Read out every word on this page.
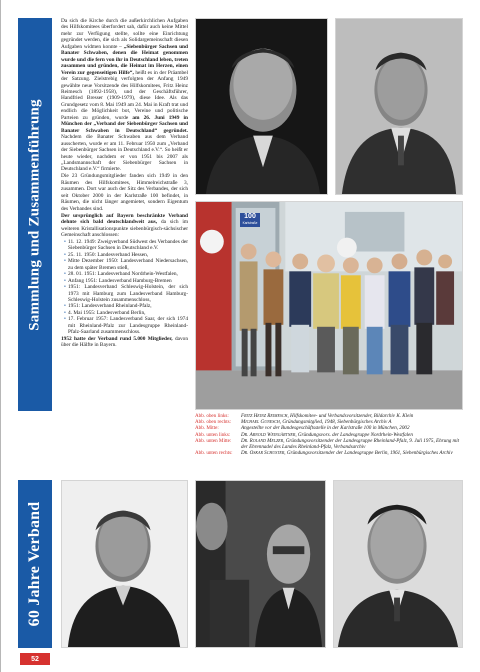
Sammlung und Zusammenführung
60 Jahre Verband
52

Da sich die Kirche durch die außerkirchlichen Aufgaben des Hilfskomitees überfordert sah, dafür auch keine Mittel mehr zur Verfügung stellte, sollte eine Einrichtung gegründet werden, die sich als Solidargemeinschaft diesen Aufgaben widmen konnte – „Siebenbürger Sachsen und Banater Schwaben, denen die Heimat genommen wurde und die fern von ihr in Deutschland leben, treten zusammen und gründen, die Heimat im Herzen, einen Verein zur gegenseitigen Hilfe“, heißt es in der Präambel der Satzung. Zielstrebig verfolgten der Anfang 1949 gewählte neue Vorsitzende des Hilfskomitees, Fritz Heinz Reimesch (1892-1958), und der Geschäftsführer, Handfried Bresser (1909-1979), diese Idee. Als das Grundgesetz vom 8. Mai 1949 am 24. Mai in Kraft trat und endlich die Möglichkeit bot, Vereine und politische Parteien zu gründen, wurde am 26. Juni 1949 in München der „Verband der Siebenbürger Sachsen und Banater Schwaben in Deutschland“ gegründet. Nachdem die Banater Schwaben aus dem Verband ausscherten, wurde er am 11. Februar 1950 zum „Verband der Siebenbürger Sachsen in Deutschland e.V.“. So heißt er heute wieder, nachdem er von 1951 bis 2007 als „Landsmannschaft der Siebenbürger Sachsen in Deutschland e.V.“ firmierte.

Die 23 Gründungsmitglieder fanden sich 1949 in den Räumen des Hilfskomitees, Himmelreichstraße 3, zusammen. Dort war auch der Sitz des Verbandes, der sich seit Oktober 2000 in der Karlstraße 100 befindet, in Räumen, die nicht länger angemietet, sondern Eigentum des Verbandes sind.

Der ursprünglich auf Bayern beschränkte Verband dehnte sich bald deutschlandweit aus, da sich im weiteren Kristallisationspunkte siebenbürgisch-sächsischer Gemeinschaft anschlossen:

• 11. 12. 1949: Zweigverband Südwest des Verbandes der Siebenbürger Sachsen in Deutschland e.V.
• 25. 11. 1950: Landesverband Hessen,
• Mitte Dezember 1950: Landesverband Niedersachsen, zu dem später Bremen stieß,
• 28. 01. 1951: Landesverband Nordrhein-Westfalen,
• Anfang 1951: Landesverband Hamburg-Bremen
• 1951: Landesverband Schleswig-Holstein, der sich 1973 mit Hamburg zum Landesverband Hamburg-Schleswig-Holstein zusammenschloss,
• 1951: Landesverband Rheinland-Pfalz,
• 4. Mai 1955: Landesverband Berlin,
• 17. Februar 1957: Landesverband Saar, der sich 1974 mit Rheinland-Pfalz zur Landesgruppe Rheinland-Pfalz-Saarland zusammenschloss.

1952 hatte der Verband rund 5.000 Mitglieder, davon über die Hälfte in Bayern.

100
Karlstraße
Abb. oben links:	Fritz Heinz Reimesch, Hilfskomitee- und Verbandsvorsitzender, Bildarchiv K. Klein
Abb. oben rechts:	Michael Gunesch, Gründungsmitglied, 1948, Siebenbürgisches Archiv A
Abb. Mitte:	Angestellte vor der Bundesgeschäftsstelle in der Karlstraße 100 in München, 2002
Abb. unten links:	Dr. Arnold Weingärtner, Gründungsvors. der Landesgruppe Nordrhein-Westfalen
Abb. unten Mitte:	Dr. Roland Melzer, Gründungsvorsitzender der Landesgruppe Rheinland-Pfalz, 9. Juli 1975, Ehrung mit der Ehrennadel des Landes Rheinland-Pfalz, Verbandsarchiv
Abb. unten rechts:	Dr. Oskar Schuster, Gründungsvorsitzender der Landesgruppe Berlin, 1961, Siebenbürgisches Archiv
